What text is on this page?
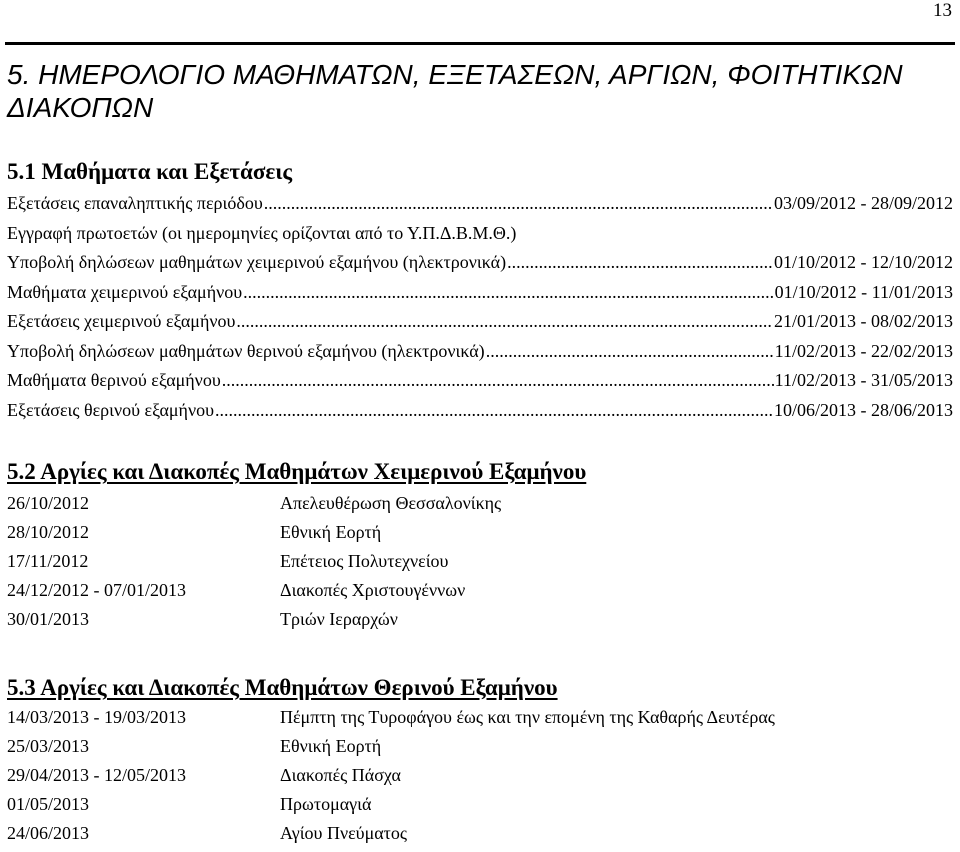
13
5. ΗΜΕΡΟΛΟΓΙΟ ΜΑΘΗΜΑΤΩΝ, ΕΞΕΤΑΣΕΩΝ, ΑΡΓΙΩΝ, ΦΟΙΤΗΤΙΚΩΝ ΔΙΑΚΟΠΩΝ
5.1 Μαθήματα και Εξετάσεις
Εξετάσεις επαναληπτικής περιόδου .....	03/09/2012 - 28/09/2012
Εγγραφή πρωτοετών (οι ημερομηνίες ορίζονται από το Υ.Π.Δ.Β.Μ.Θ.)
Υποβολή δηλώσεων μαθημάτων χειμερινού εξαμήνου (ηλεκτρονικά) .....	01/10/2012 - 12/10/2012
Μαθήματα χειμερινού εξαμήνου .....	01/10/2012 - 11/01/2013
Εξετάσεις χειμερινού εξαμήνου .....	21/01/2013 - 08/02/2013
Υποβολή δηλώσεων μαθημάτων θερινού εξαμήνου (ηλεκτρονικά) .....	11/02/2013 - 22/02/2013
Μαθήματα θερινού εξαμήνου .....	11/02/2013 - 31/05/2013
Εξετάσεις θερινού εξαμήνου .....	10/06/2013 - 28/06/2013
5.2 Αργίες και Διακοπές Μαθημάτων Χειμερινού Εξαμήνου
26/10/2012	Απελευθέρωση Θεσσαλονίκης
28/10/2012	Εθνική Εορτή
17/11/2012	Επέτειος Πολυτεχνείου
24/12/2012 - 07/01/2013	Διακοπές Χριστουγέννων
30/01/2013	Τριών Ιεραρχών
5.3 Αργίες και Διακοπές Μαθημάτων Θερινού Εξαμήνου
14/03/2013 - 19/03/2013	Πέμπτη της Τυροφάγου έως και την επομένη της Καθαρής Δευτέρας
25/03/2013	Εθνική Εορτή
29/04/2013 - 12/05/2013	Διακοπές Πάσχα
01/05/2013	Πρωτομαγιά
24/06/2013	Αγίου Πνεύματος
